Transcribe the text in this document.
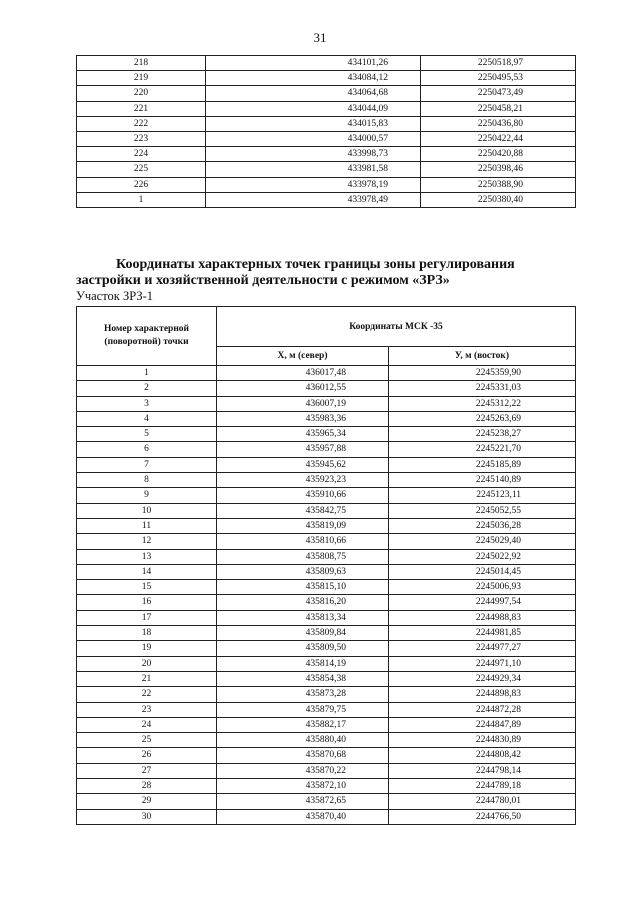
31
218	434101,26	2250518,97
219	434084,12	2250495,53
220	434064,68	2250473,49
221	434044,09	2250458,21
222	434015,83	2250436,80
223	434000,57	2250422,44
224	433998,73	2250420,88
225	433981,58	2250398,46
226	433978,19	2250388,90
1	433978,49	2250380,40
Координаты характерных точек границы зоны регулирования
застройки и хозяйственной деятельности с режимом «ЗРЗ»
Участок ЗРЗ-1
Номер характерной (поворотной) точки	Координаты МСК -35	
	Х, м (север)	У, м (восток)
1	436017,48	2245359,90
2	436012,55	2245331,03
3	436007,19	2245312,22
4	435983,36	2245263,69
5	435965,34	2245238,27
6	435957,88	2245221,70
7	435945,62	2245185,89
8	435923,23	2245140,89
9	435910,66	2245123,11
10	435842,75	2245052,55
11	435819,09	2245036,28
12	435810,66	2245029,40
13	435808,75	2245022,92
14	435809,63	2245014,45
15	435815,10	2245006,93
16	435816,20	2244997,54
17	435813,34	2244988,83
18	435809,84	2244981,85
19	435809,50	2244977,27
20	435814,19	2244971,10
21	435854,38	2244929,34
22	435873,28	2244898,83
23	435879,75	2244872,28
24	435882,17	2244847,89
25	435880,40	2244830,89
26	435870,68	2244808,42
27	435870,22	2244798,14
28	435872,10	2244789,18
29	435872,65	2244780,01
30	435870,40	2244766,50
